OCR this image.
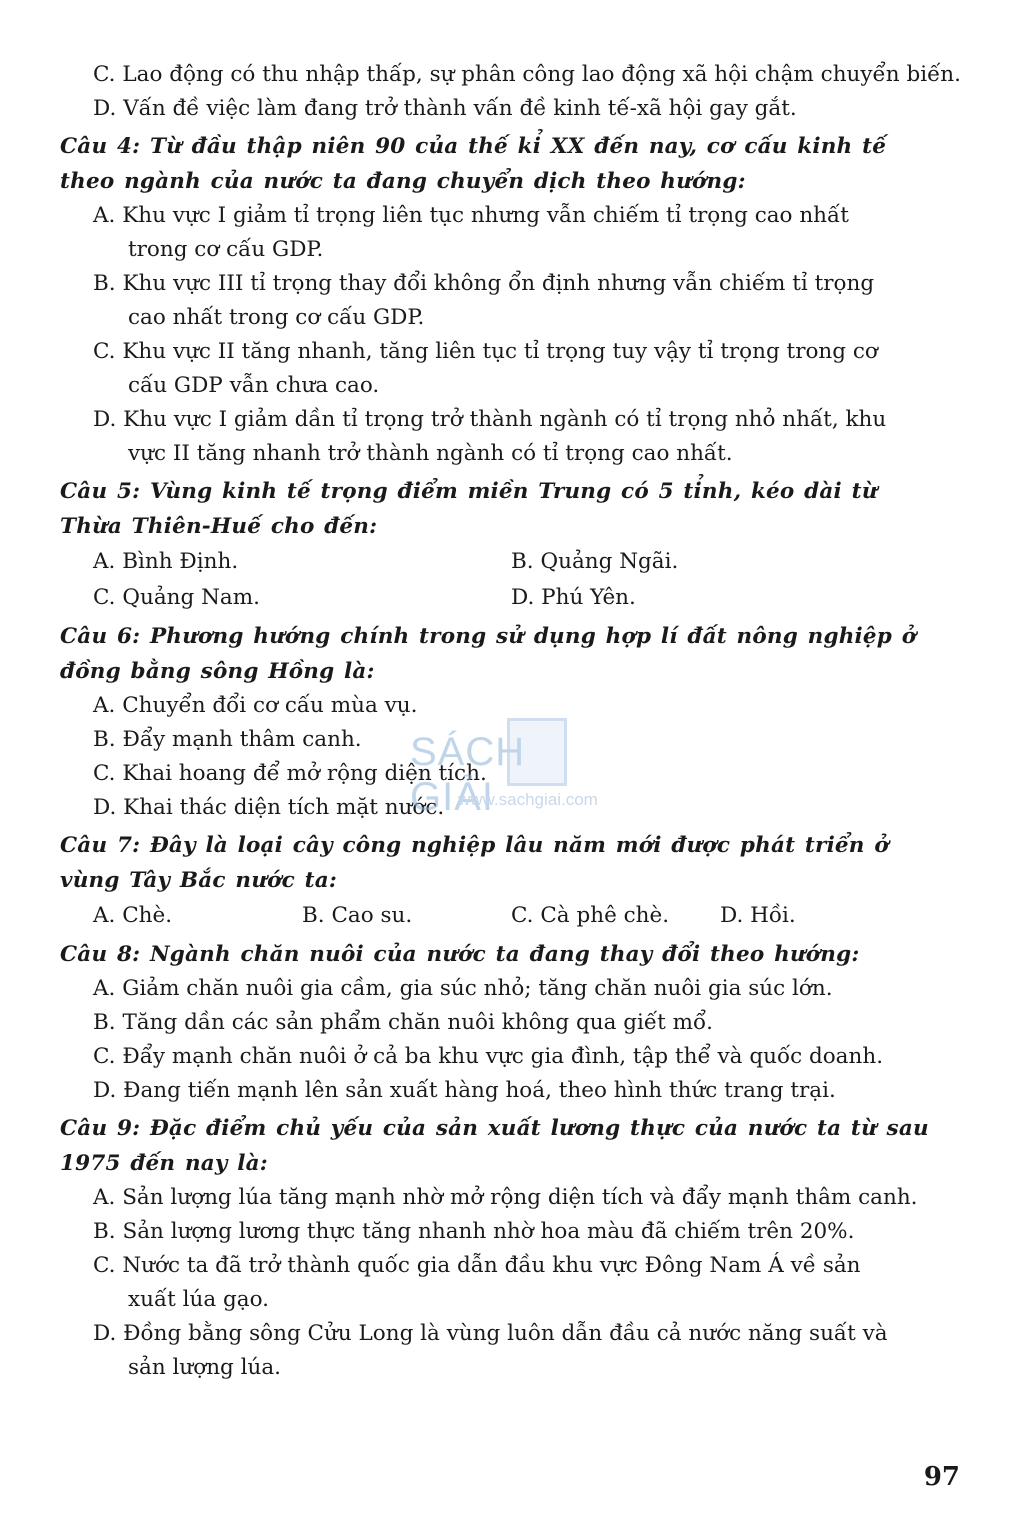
C. Lao động có thu nhập thấp, sự phân công lao động xã hội chậm chuyển biến.
D. Vấn đề việc làm đang trở thành vấn đề kinh tế-xã hội gay gắt.
Câu 4: Từ đầu thập niên 90 của thế kỉ XX đến nay, cơ cấu kinh tế
theo ngành của nước ta đang chuyển dịch theo hướng:
A. Khu vực I giảm tỉ trọng liên tục nhưng vẫn chiếm tỉ trọng cao nhất
trong cơ cấu GDP.
B. Khu vực III tỉ trọng thay đổi không ổn định nhưng vẫn chiếm tỉ trọng
cao nhất trong cơ cấu GDP.
C. Khu vực II tăng nhanh, tăng liên tục tỉ trọng tuy vậy tỉ trọng trong cơ
cấu GDP vẫn chưa cao.
D. Khu vực I giảm dần tỉ trọng trở thành ngành có tỉ trọng nhỏ nhất, khu
vực II tăng nhanh trở thành ngành có tỉ trọng cao nhất.
Câu 5: Vùng kinh tế trọng điểm miền Trung có 5 tỉnh, kéo dài từ
Thừa Thiên-Huế cho đến:
A. Bình Định.	B. Quảng Ngãi.
C. Quảng Nam.	D. Phú Yên.
Câu 6: Phương hướng chính trong sử dụng hợp lí đất nông nghiệp ở
đồng bằng sông Hồng là:
A. Chuyển đổi cơ cấu mùa vụ.
B. Đẩy mạnh thâm canh.
C. Khai hoang để mở rộng diện tích.
D. Khai thác diện tích mặt nước.
Câu 7: Đây là loại cây công nghiệp lâu năm mới được phát triển ở
vùng Tây Bắc nước ta:
A. Chè.	B. Cao su.	C. Cà phê chè.	D. Hồi.
Câu 8: Ngành chăn nuôi của nước ta đang thay đổi theo hướng:
A. Giảm chăn nuôi gia cầm, gia súc nhỏ; tăng chăn nuôi gia súc lớn.
B. Tăng dần các sản phẩm chăn nuôi không qua giết mổ.
C. Đẩy mạnh chăn nuôi ở cả ba khu vực gia đình, tập thể và quốc doanh.
D. Đang tiến mạnh lên sản xuất hàng hoá, theo hình thức trang trại.
Câu 9: Đặc điểm chủ yếu của sản xuất lương thực của nước ta từ sau
1975 đến nay là:
A. Sản lượng lúa tăng mạnh nhờ mở rộng diện tích và đẩy mạnh thâm canh.
B. Sản lượng lương thực tăng nhanh nhờ hoa màu đã chiếm trên 20%.
C. Nước ta đã trở thành quốc gia dẫn đầu khu vực Đông Nam Á về sản
xuất lúa gạo.
D. Đồng bằng sông Cửu Long là vùng luôn dẫn đầu cả nước năng suất và
sản lượng lúa.
SÁCH GIẢI
www.sachgiai.com
97
